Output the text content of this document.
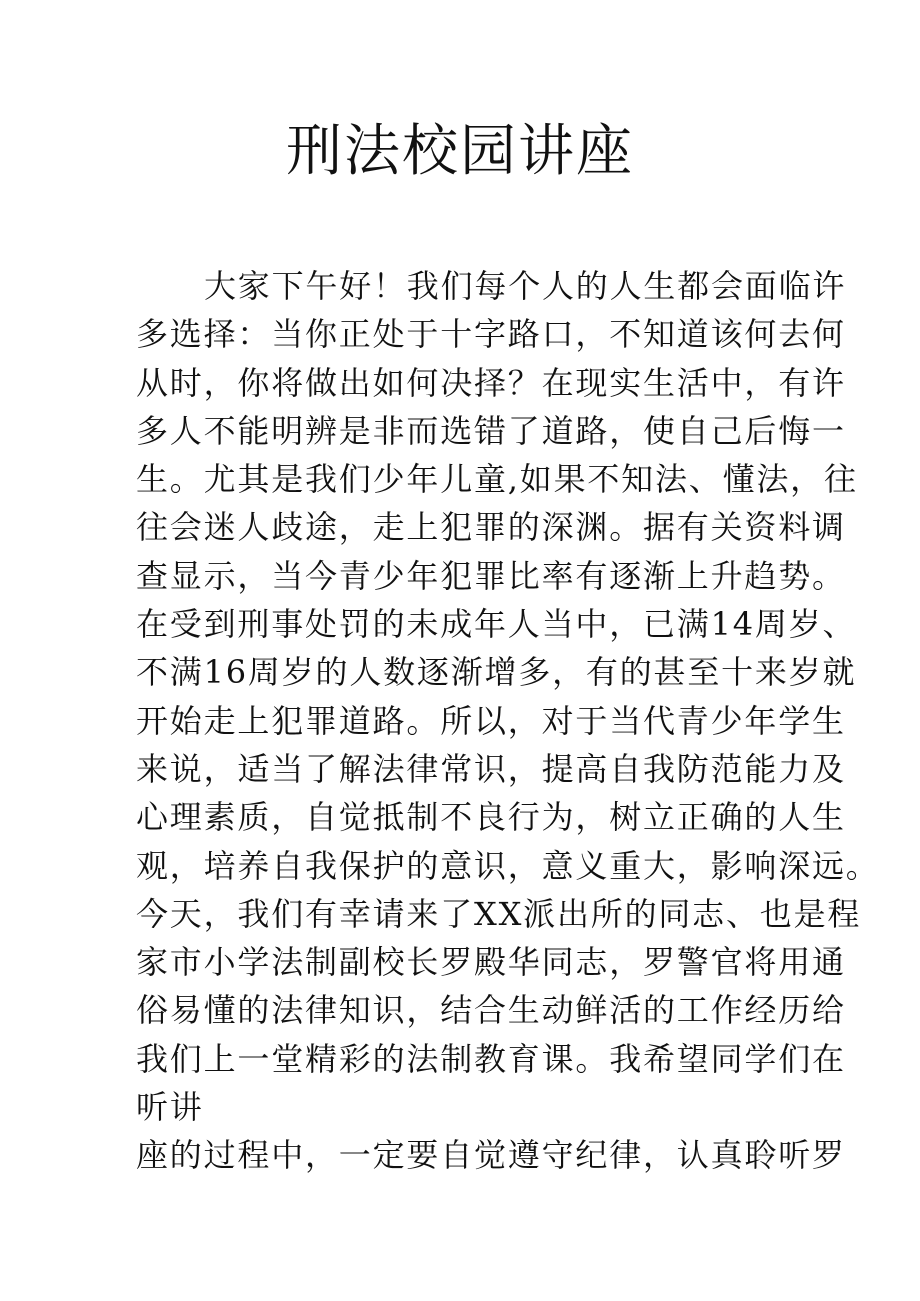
刑法校园讲座
大家下午好！我们每个人的人生都会面临许
多选择：当你正处于十字路口，不知道该何去何
从时，你将做出如何决择？在现实生活中，有许
多人不能明辨是非而选错了道路，使自己后悔一
生。尤其是我们少年儿童,如果不知法、懂法，往
往会迷人歧途，走上犯罪的深渊。据有关资料调
查显示，当今青少年犯罪比率有逐渐上升趋势。
在受到刑事处罚的未成年人当中，已满14周岁、
不满16周岁的人数逐渐增多，有的甚至十来岁就
开始走上犯罪道路。所以，对于当代青少年学生
来说，适当了解法律常识，提高自我防范能力及
心理素质，自觉抵制不良行为，树立正确的人生
观，培养自我保护的意识，意义重大，影响深远。
今天，我们有幸请来了XX派出所的同志、也是程
家市小学法制副校长罗殿华同志，罗警官将用通
俗易懂的法律知识，结合生动鲜活的工作经历给
我们上一堂精彩的法制教育课。我希望同学们在
听讲
座的过程中，一定要自觉遵守纪律，认真聆听罗
